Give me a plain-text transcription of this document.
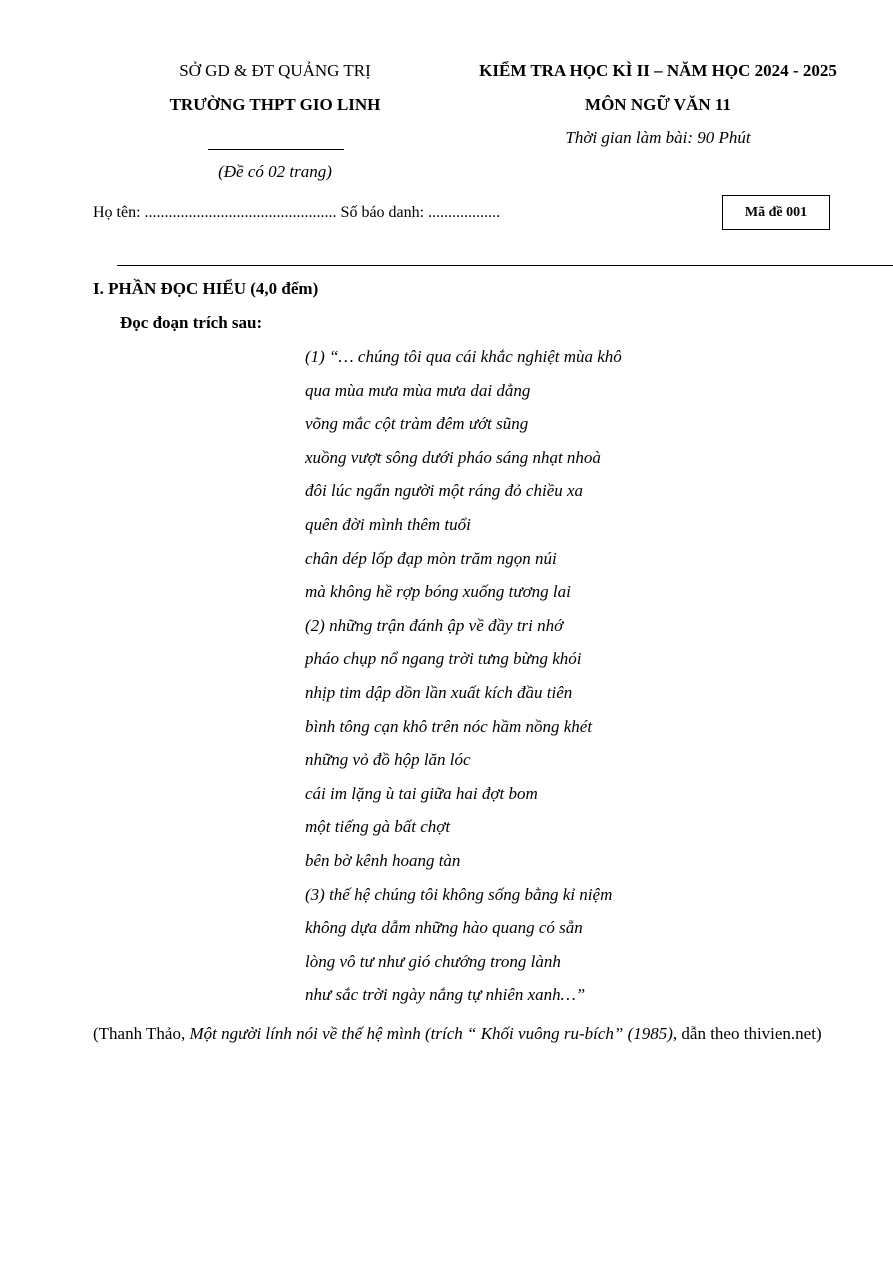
SỞ GD & ĐT QUẢNG TRỊ
TRƯỜNG THPT GIO LINH
(Đề có 02 trang)
KIỂM TRA HỌC KÌ II – NĂM HỌC 2024 - 2025
MÔN NGỮ VĂN 11
Thời gian làm bài: 90 Phút
Họ tên: ................................................ Số báo danh: ..................	Mã đề 001
I. PHẦN ĐỌC HIỂU (4,0 đểm)
Đọc đoạn trích sau:
(1) “… chúng tôi qua cái khắc nghiệt mùa khô
qua mùa mưa mùa mưa dai dẳng
võng mắc cột tràm đêm ướt sũng
xuồng vượt sông dưới pháo sáng nhạt nhoà
đôi lúc ngẩn người một ráng đỏ chiều xa
quên đời mình thêm tuổi
chân dép lốp đạp mòn trăm ngọn núi
mà không hề rợp bóng xuống tương lai
(2) những trận đánh ập về đầy tri nhớ
pháo chụp nổ ngang trời tưng bừng khói
nhịp tim dập dồn lần xuất kích đầu tiên
bình tông cạn khô trên nóc hầm nồng khét
những vỏ đồ hộp lăn lóc
cái im lặng ù tai giữa hai đợt bom
một tiếng gà bất chợt
bên bờ kênh hoang tàn
(3) thế hệ chúng tôi không sống bằng kỉ niệm
không dựa dẫm những hào quang có sẵn
lòng vô tư như gió chướng trong lành
như sắc trời ngày nắng tự nhiên xanh…”
(Thanh Thảo, Một người lính nói về thế hệ mình (trích “ Khối vuông ru-bích” (1985), dẫn theo thivien.net)
